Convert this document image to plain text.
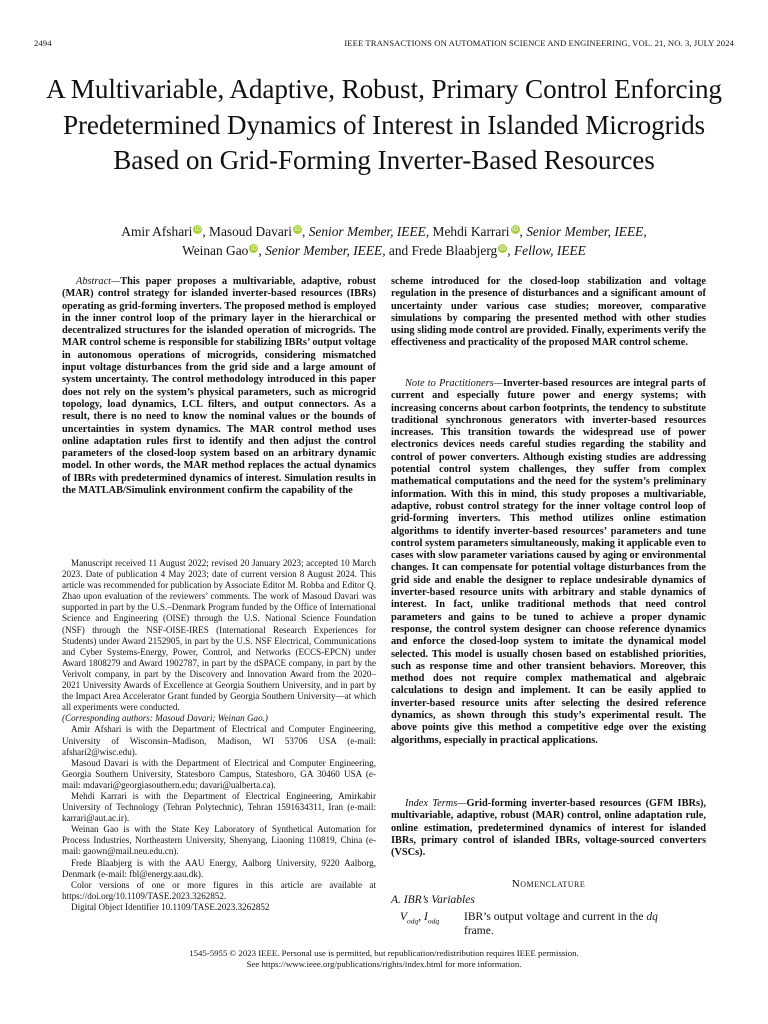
2494	IEEE TRANSACTIONS ON AUTOMATION SCIENCE AND ENGINEERING, VOL. 21, NO. 3, JULY 2024
A Multivariable, Adaptive, Robust, Primary Control Enforcing Predetermined Dynamics of Interest in Islanded Microgrids Based on Grid-Forming Inverter-Based Resources
Amir Afshari iD, Masoud Davari iD, Senior Member, IEEE, Mehdi Karrari iD, Senior Member, IEEE,
Weinan Gao iD, Senior Member, IEEE, and Frede Blaabjerg iD, Fellow, IEEE

Abstract—This paper proposes a multivariable, adaptive, robust (MAR) control strategy for islanded inverter-based resources (IBRs) operating as grid-forming inverters. The proposed method is employed in the inner control loop of the primary layer in the hierarchical or decentralized structures for the islanded operation of microgrids. The MAR control scheme is responsible for stabilizing IBRs’ output voltage in autonomous operations of microgrids, considering mismatched input voltage disturbances from the grid side and a large amount of system uncertainty. The control methodology introduced in this paper does not rely on the system’s physical parameters, such as microgrid topology, load dynamics, LCL filters, and output connectors. As a result, there is no need to know the nominal values or the bounds of uncertainties in system dynamics. The MAR control method uses online adaptation rules first to identify and then adjust the control parameters of the closed-loop system based on an arbitrary dynamic model. In other words, the MAR method replaces the actual dynamics of IBRs with predetermined dynamics of interest. Simulation results in the MATLAB/Simulink environment confirm the capability of the

Manuscript received 11 August 2022; revised 20 January 2023; accepted 10 March 2023. Date of publication 4 May 2023; date of current version 8 August 2024. This article was recommended for publication by Associate Editor M. Robba and Editor Q. Zhao upon evaluation of the reviewers’ comments. The work of Masoud Davari was supported in part by the U.S.–Denmark Program funded by the Office of International Science and Engineering (OISE) through the U.S. National Science Foundation (NSF) through the NSF-OISE-IRES (International Research Experiences for Students) under Award 2152905, in part by the U.S. NSF Electrical, Communications and Cyber Systems-Energy, Power, Control, and Networks (ECCS-EPCN) under Award 1808279 and Award 1902787, in part by the dSPACE company, in part by the Verivolt company, in part by the Discovery and Innovation Award from the 2020–2021 University Awards of Excellence at Georgia Southern University, and in part by the Impact Area Accelerator Grant funded by Georgia Southern University—at which all experiments were conducted.

(Corresponding authors: Masoud Davari; Weinan Gao.)

Amir Afshari is with the Department of Electrical and Computer Engineering, University of Wisconsin–Madison, Madison, WI 53706 USA (e-mail: afshari2@wisc.edu).

Masoud Davari is with the Department of Electrical and Computer Engineering, Georgia Southern University, Statesboro Campus, Statesboro, GA 30460 USA (e-mail: mdavari@georgiasouthern.edu; davari@ualberta.ca).

Mehdi Karrari is with the Department of Electrical Engineering, Amirkabir University of Technology (Tehran Polytechnic), Tehran 1591634311, Iran (e-mail: karrari@aut.ac.ir).

Weinan Gao is with the State Key Laboratory of Synthetical Automation for Process Industries, Northeastern University, Shenyang, Liaoning 110819, China (e-mail: gaown@mail.neu.edu.cn).

Frede Blaabjerg is with the AAU Energy, Aalborg University, 9220 Aalborg, Denmark (e-mail: fbl@energy.aau.dk).

Color versions of one or more figures in this article are available at https://doi.org/10.1109/TASE.2023.3262852.

Digital Object Identifier 10.1109/TASE.2023.3262852

scheme introduced for the closed-loop stabilization and voltage regulation in the presence of disturbances and a significant amount of uncertainty under various case studies; moreover, comparative simulations by comparing the presented method with other studies using sliding mode control are provided. Finally, experiments verify the effectiveness and practicality of the proposed MAR control scheme.

Note to Practitioners—Inverter-based resources are integral parts of current and especially future power and energy systems; with increasing concerns about carbon footprints, the tendency to substitute traditional synchronous generators with inverter-based resources increases. This transition towards the widespread use of power electronics devices needs careful studies regarding the stability and control of power converters. Although existing studies are addressing potential control system challenges, they suffer from complex mathematical computations and the need for the system’s preliminary information. With this in mind, this study proposes a multivariable, adaptive, robust control strategy for the inner voltage control loop of grid-forming inverters. This method utilizes online estimation algorithms to identify inverter-based resources’ parameters and tune control system parameters simultaneously, making it applicable even to cases with slow parameter variations caused by aging or environmental changes. It can compensate for potential voltage disturbances from the grid side and enable the designer to replace undesirable dynamics of inverter-based resource units with arbitrary and stable dynamics of interest. In fact, unlike traditional methods that need control parameters and gains to be tuned to achieve a proper dynamic response, the control system designer can choose reference dynamics and enforce the closed-loop system to imitate the dynamical model selected. This model is usually chosen based on established priorities, such as response time and other transient behaviors. Moreover, this method does not require complex mathematical and algebraic calculations to design and implement. It can be easily applied to inverter-based resource units after selecting the desired reference dynamics, as shown through this study’s experimental result. The above points give this method a competitive edge over the existing algorithms, especially in practical applications.

Index Terms—Grid-forming inverter-based resources (GFM IBRs), multivariable, adaptive, robust (MAR) control, online adaptation rule, online estimation, predetermined dynamics of interest for islanded IBRs, primary control of islanded IBRs, voltage-sourced converters (VSCs).

Nomenclature
A. IBR’s Variables
$V_{odq}$, $I_{odq}$ IBR’s output voltage and current in the dq
frame.
1545-5955 © 2023 IEEE. Personal use is permitted, but republication/redistribution requires IEEE permission.
See https://www.ieee.org/publications/rights/index.html for more information.
